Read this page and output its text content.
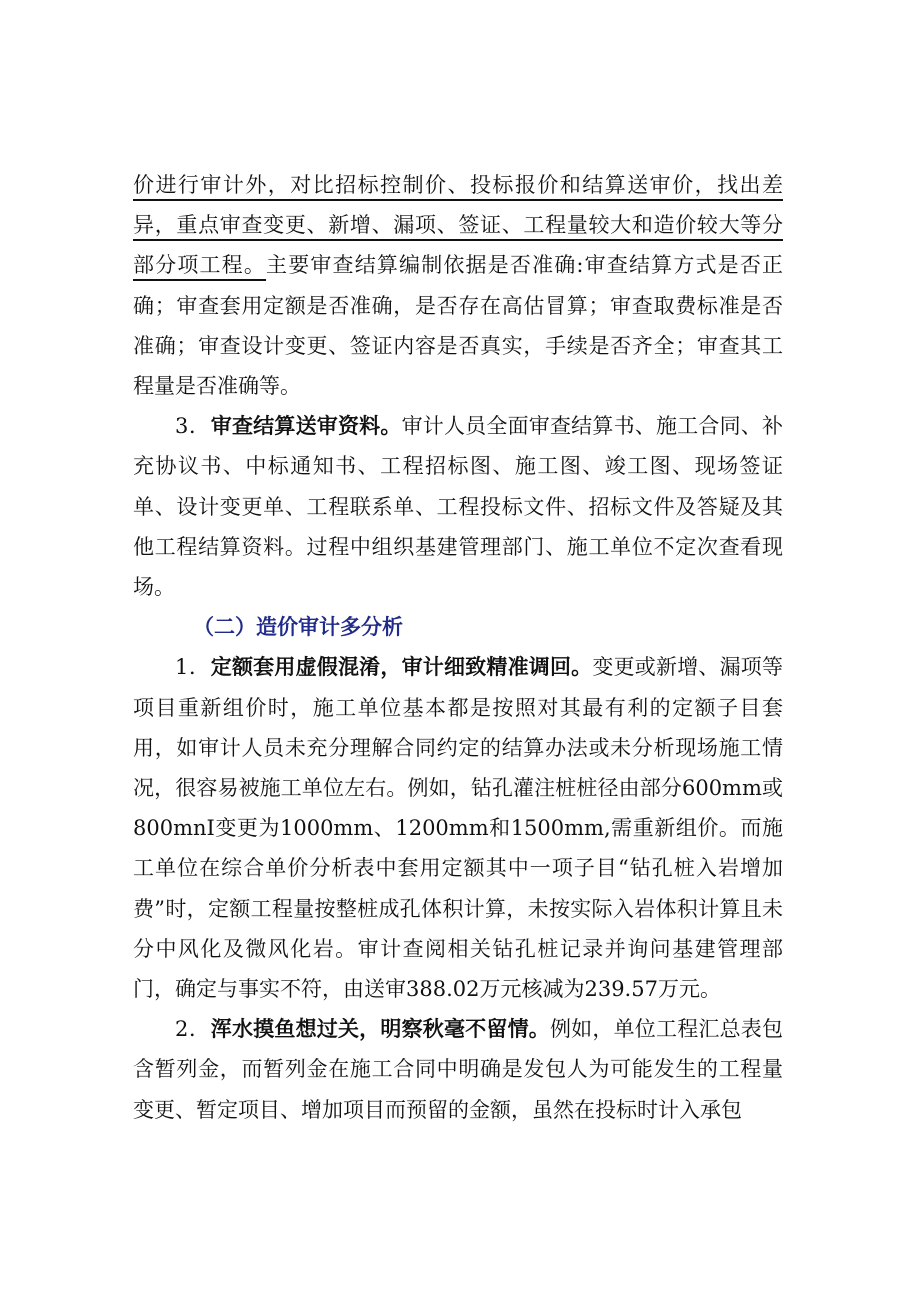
价进行审计外，对比招标控制价、投标报价和结算送审价，找出差异，重点审查变更、新增、漏项、签证、工程量较大和造价较大等分部分项工程。主要审查结算编制依据是否准确:审查结算方式是否正确；审查套用定额是否准确，是否存在高估冒算；审查取费标准是否准确；审查设计变更、签证内容是否真实，手续是否齐全；审查其工程量是否准确等。

3．审查结算送审资料。审计人员全面审查结算书、施工合同、补充协议书、中标通知书、工程招标图、施工图、竣工图、现场签证单、设计变更单、工程联系单、工程投标文件、招标文件及答疑及其他工程结算资料。过程中组织基建管理部门、施工单位不定次查看现场。

（二）造价审计多分析

1．定额套用虚假混淆，审计细致精准调回。变更或新增、漏项等项目重新组价时，施工单位基本都是按照对其最有利的定额子目套用，如审计人员未充分理解合同约定的结算办法或未分析现场施工情况，很容易被施工单位左右。例如，钻孔灌注桩桩径由部分600mm或800mnI变更为1000mm、1200mm和1500mm,需重新组价。而施工单位在综合单价分析表中套用定额其中一项子目“钻孔桩入岩增加费”时，定额工程量按整桩成孔体积计算，未按实际入岩体积计算且未分中风化及微风化岩。审计查阅相关钻孔桩记录并询问基建管理部门，确定与事实不符，由送审388.02万元核减为239.57万元。

2．浑水摸鱼想过关，明察秋毫不留情。例如，单位工程汇总表包含暂列金，而暂列金在施工合同中明确是发包人为可能发生的工程量变更、暂定项目、增加项目而预留的金额，虽然在投标时计入承包
